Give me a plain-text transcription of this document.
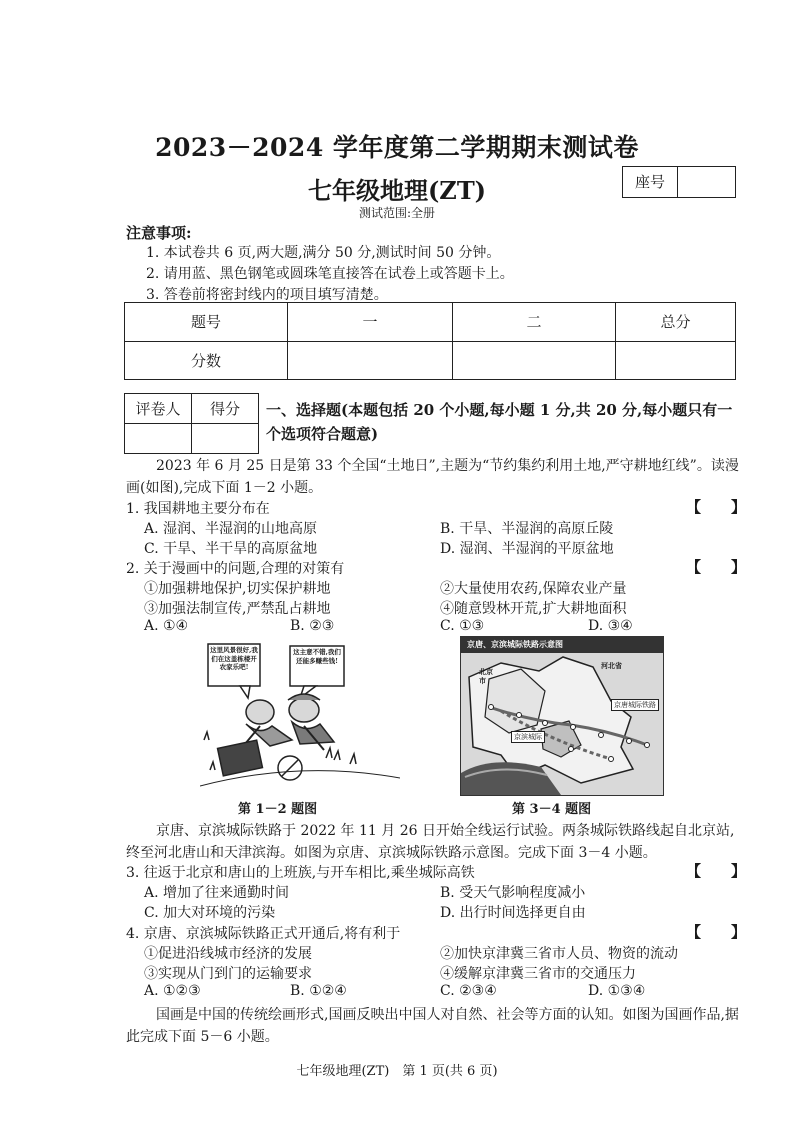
2023－2024 学年度第二学期期末测试卷
七年级地理(ZT)	座号
测试范围:全册
注意事项:
1. 本试卷共 6 页,两大题,满分 50 分,测试时间 50 分钟。
2. 请用蓝、黑色钢笔或圆珠笔直接答在试卷上或答题卡上。
3. 答卷前将密封线内的项目填写清楚。
题号	一	二	总分
分数			
评卷人	得分
	一、选择题(本题包括 20 个小题,每小题 1 分,共 20 分,每小题只有一个选项符合题意)
2023 年 6 月 25 日是第 33 个全国“土地日”,主题为“节约集约利用土地,严守耕地红线”。读漫画(如图),完成下面 1－2 小题。
1. 我国耕地主要分布在	【　　】
A. 湿润、半湿润的山地高原	B. 干旱、半湿润的高原丘陵
C. 干旱、半干旱的高原盆地	D. 湿润、半湿润的平原盆地
2. 关于漫画中的问题,合理的对策有	【　　】
①加强耕地保护,切实保护耕地	②大量使用农药,保障农业产量
③加强法制宣传,严禁乱占耕地	④随意毁林开荒,扩大耕地面积
A. ①④	B. ②③	C. ①③	D. ③④
这里风景很好,我们在这盖栋楼开农家乐吧!
这主意不错,我们还能多赚些钱!
第 1－2 题图
京唐、京滨城际铁路示意图
北京市
河北省
京唐城际铁路
京滨城际
第 3－4 题图
京唐、京滨城际铁路于 2022 年 11 月 26 日开始全线运行试验。两条城际铁路线起自北京站,终至河北唐山和天津滨海。如图为京唐、京滨城际铁路示意图。完成下面 3－4 小题。
3. 往返于北京和唐山的上班族,与开车相比,乘坐城际高铁	【　　】
A. 增加了往来通勤时间	B. 受天气影响程度减小
C. 加大对环境的污染	D. 出行时间选择更自由
4. 京唐、京滨城际铁路正式开通后,将有利于	【　　】
①促进沿线城市经济的发展	②加快京津冀三省市人员、物资的流动
③实现从门到门的运输要求	④缓解京津冀三省市的交通压力
A. ①②③	B. ①②④	C. ②③④	D. ①③④
国画是中国的传统绘画形式,国画反映出中国人对自然、社会等方面的认知。如图为国画作品,据此完成下面 5－6 小题。
七年级地理(ZT)　第 1 页(共 6 页)
